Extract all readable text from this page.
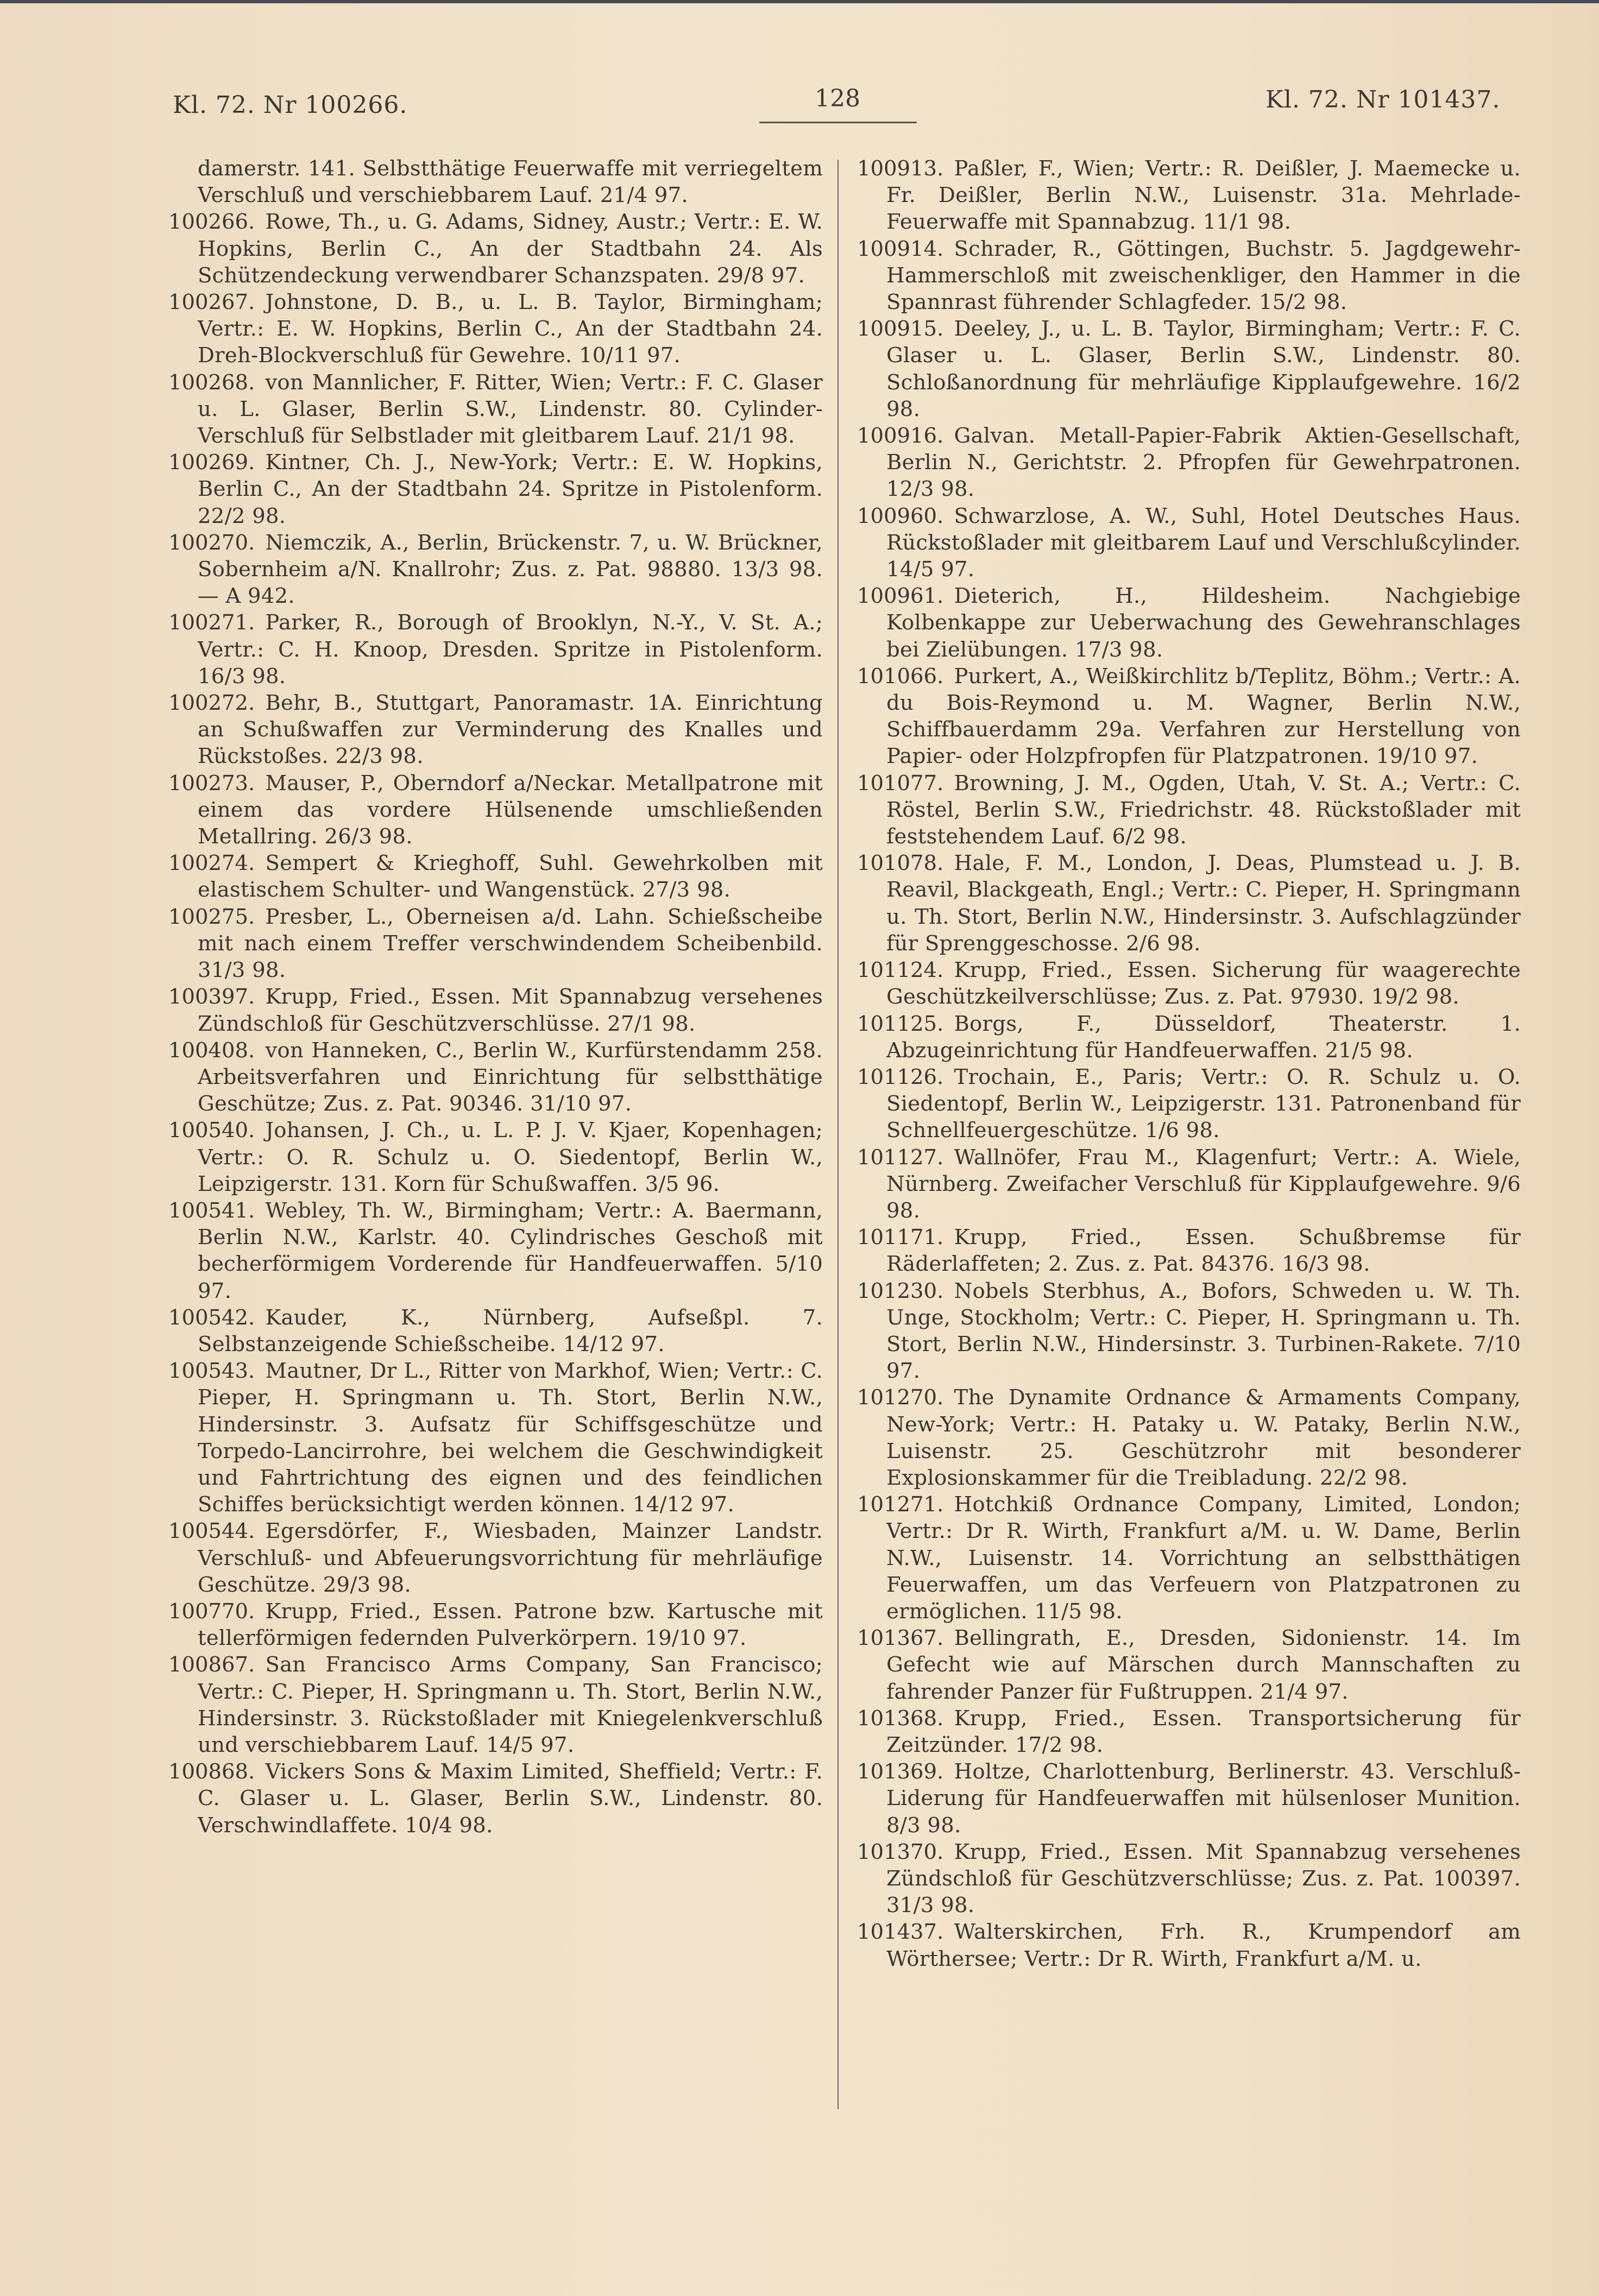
Kl. 72. Nr 100266.	128	Kl. 72. Nr 101437.

damerstr. 141. Selbstthätige Feuerwaffe mit verriegeltem Verschluß und verschiebbarem Lauf. 21/4 97.

100266.  Rowe, Th., u. G. Adams, Sidney, Austr.; Vertr.: E. W. Hopkins, Berlin C., An der Stadtbahn 24. Als Schützendeckung verwendbarer Schanzspaten. 29/8 97.

100267.  Johnstone, D. B., u. L. B. Taylor, Birmingham; Vertr.: E. W. Hopkins, Berlin C., An der Stadtbahn 24. Dreh-Blockverschluß für Gewehre. 10/11 97.

100268.  von Mannlicher, F. Ritter, Wien; Vertr.: F. C. Glaser u. L. Glaser, Berlin S.W., Lindenstr. 80. Cylinder-Verschluß für Selbstlader mit gleitbarem Lauf. 21/1 98.

100269.  Kintner, Ch. J., New-York; Vertr.: E. W. Hopkins, Berlin C., An der Stadtbahn 24. Spritze in Pistolenform. 22/2 98.

100270.  Niemczik, A., Berlin, Brückenstr. 7, u. W. Brückner, Sobernheim a/N. Knallrohr; Zus. z. Pat. 98880. 13/3 98. — A 942.

100271.  Parker, R., Borough of Brooklyn, N.-Y., V. St. A.; Vertr.: C. H. Knoop, Dresden. Spritze in Pistolenform. 16/3 98.

100272.  Behr, B., Stuttgart, Panoramastr. 1A. Einrichtung an Schußwaffen zur Verminderung des Knalles und Rückstoßes. 22/3 98.

100273.  Mauser, P., Oberndorf a/Neckar. Metallpatrone mit einem das vordere Hülsenende umschließenden Metallring. 26/3 98.

100274.  Sempert & Krieghoff, Suhl. Gewehrkolben mit elastischem Schulter- und Wangenstück. 27/3 98.

100275.  Presber, L., Oberneisen a/d. Lahn. Schießscheibe mit nach einem Treffer verschwindendem Scheibenbild. 31/3 98.

100397.  Krupp, Fried., Essen. Mit Spannabzug versehenes Zündschloß für Geschützverschlüsse. 27/1 98.

100408.  von Hanneken, C., Berlin W., Kurfürstendamm 258. Arbeitsverfahren und Einrichtung für selbstthätige Geschütze; Zus. z. Pat. 90346. 31/10 97.

100540.  Johansen, J. Ch., u. L. P. J. V. Kjaer, Kopenhagen; Vertr.: O. R. Schulz u. O. Siedentopf, Berlin W., Leipzigerstr. 131. Korn für Schußwaffen. 3/5 96.

100541.  Webley, Th. W., Birmingham; Vertr.: A. Baermann, Berlin N.W., Karlstr. 40. Cylindrisches Geschoß mit becherförmigem Vorderende für Handfeuerwaffen. 5/10 97.

100542.  Kauder, K., Nürnberg, Aufseßpl. 7. Selbstanzeigende Schießscheibe. 14/12 97.

100543.  Mautner, Dr L., Ritter von Markhof, Wien; Vertr.: C. Pieper, H. Springmann u. Th. Stort, Berlin N.W., Hindersinstr. 3. Aufsatz für Schiffsgeschütze und Torpedo-Lancirrohre, bei welchem die Geschwindigkeit und Fahrtrichtung des eignen und des feindlichen Schiffes berücksichtigt werden können. 14/12 97.

100544.  Egersdörfer, F., Wiesbaden, Mainzer Landstr. Verschluß- und Abfeuerungsvorrichtung für mehrläufige Geschütze. 29/3 98.

100770.  Krupp, Fried., Essen. Patrone bzw. Kartusche mit tellerförmigen federnden Pulverkörpern. 19/10 97.

100867.  San Francisco Arms Company, San Francisco; Vertr.: C. Pieper, H. Springmann u. Th. Stort, Berlin N.W., Hindersinstr. 3. Rückstoßlader mit Kniegelenkverschluß und verschiebbarem Lauf. 14/5 97.

100868.  Vickers Sons & Maxim Limited, Sheffield; Vertr.: F. C. Glaser u. L. Glaser, Berlin S.W., Lindenstr. 80. Verschwindlaffete. 10/4 98.

100913.  Paßler, F., Wien; Vertr.: R. Deißler, J. Maemecke u. Fr. Deißler, Berlin N.W., Luisenstr. 31a. Mehrlade-Feuerwaffe mit Spannabzug. 11/1 98.

100914.  Schrader, R., Göttingen, Buchstr. 5. Jagdgewehr-Hammerschloß mit zweischenkliger, den Hammer in die Spannrast führender Schlagfeder. 15/2 98.

100915.  Deeley, J., u. L. B. Taylor, Birmingham; Vertr.: F. C. Glaser u. L. Glaser, Berlin S.W., Lindenstr. 80. Schloßanordnung für mehrläufige Kipplaufgewehre. 16/2 98.

100916.  Galvan. Metall-Papier-Fabrik Aktien-Gesellschaft, Berlin N., Gerichtstr. 2. Pfropfen für Gewehrpatronen. 12/3 98.

100960.  Schwarzlose, A. W., Suhl, Hotel Deutsches Haus. Rückstoßlader mit gleitbarem Lauf und Verschlußcylinder. 14/5 97.

100961.  Dieterich, H., Hildesheim. Nachgiebige Kolbenkappe zur Ueberwachung des Gewehranschlages bei Zielübungen. 17/3 98.

101066.  Purkert, A., Weißkirchlitz b/Teplitz, Böhm.; Vertr.: A. du Bois-Reymond u. M. Wagner, Berlin N.W., Schiffbauerdamm 29a. Verfahren zur Herstellung von Papier- oder Holzpfropfen für Platzpatronen. 19/10 97.

101077.  Browning, J. M., Ogden, Utah, V. St. A.; Vertr.: C. Röstel, Berlin S.W., Friedrichstr. 48. Rückstoßlader mit feststehendem Lauf. 6/2 98.

101078.  Hale, F. M., London, J. Deas, Plumstead u. J. B. Reavil, Blackgeath, Engl.; Vertr.: C. Pieper, H. Springmann u. Th. Stort, Berlin N.W., Hindersinstr. 3. Aufschlagzünder für Sprenggeschosse. 2/6 98.

101124.  Krupp, Fried., Essen. Sicherung für waagerechte Geschützkeilverschlüsse; Zus. z. Pat. 97930. 19/2 98.

101125.  Borgs, F., Düsseldorf, Theaterstr. 1. Abzugeinrichtung für Handfeuerwaffen. 21/5 98.

101126.  Trochain, E., Paris; Vertr.: O. R. Schulz u. O. Siedentopf, Berlin W., Leipzigerstr. 131. Patronenband für Schnellfeuergeschütze. 1/6 98.

101127.  Wallnöfer, Frau M., Klagenfurt; Vertr.: A. Wiele, Nürnberg. Zweifacher Verschluß für Kipplaufgewehre. 9/6 98.

101171.  Krupp, Fried., Essen. Schußbremse für Räderlaffeten; 2. Zus. z. Pat. 84376. 16/3 98.

101230.  Nobels Sterbhus, A., Bofors, Schweden u. W. Th. Unge, Stockholm; Vertr.: C. Pieper, H. Springmann u. Th. Stort, Berlin N.W., Hindersinstr. 3. Turbinen-Rakete. 7/10 97.

101270.  The Dynamite Ordnance & Armaments Company, New-York; Vertr.: H. Pataky u. W. Pataky, Berlin N.W., Luisenstr. 25. Geschützrohr mit besonderer Explosionskammer für die Treibladung. 22/2 98.

101271.  Hotchkiß Ordnance Company, Limited, London; Vertr.: Dr R. Wirth, Frankfurt a/M. u. W. Dame, Berlin N.W., Luisenstr. 14. Vorrichtung an selbstthätigen Feuerwaffen, um das Verfeuern von Platzpatronen zu ermöglichen. 11/5 98.

101367.  Bellingrath, E., Dresden, Sidonienstr. 14. Im Gefecht wie auf Märschen durch Mannschaften zu fahrender Panzer für Fußtruppen. 21/4 97.

101368.  Krupp, Fried., Essen. Transportsicherung für Zeitzünder. 17/2 98.

101369.  Holtze, Charlottenburg, Berlinerstr. 43. Verschluß-Liderung für Handfeuerwaffen mit hülsenloser Munition. 8/3 98.

101370.  Krupp, Fried., Essen. Mit Spannabzug versehenes Zündschloß für Geschützverschlüsse; Zus. z. Pat. 100397. 31/3 98.

101437.  Walterskirchen, Frh. R., Krumpendorf am Wörthersee; Vertr.: Dr R. Wirth, Frankfurt a/M. u.
